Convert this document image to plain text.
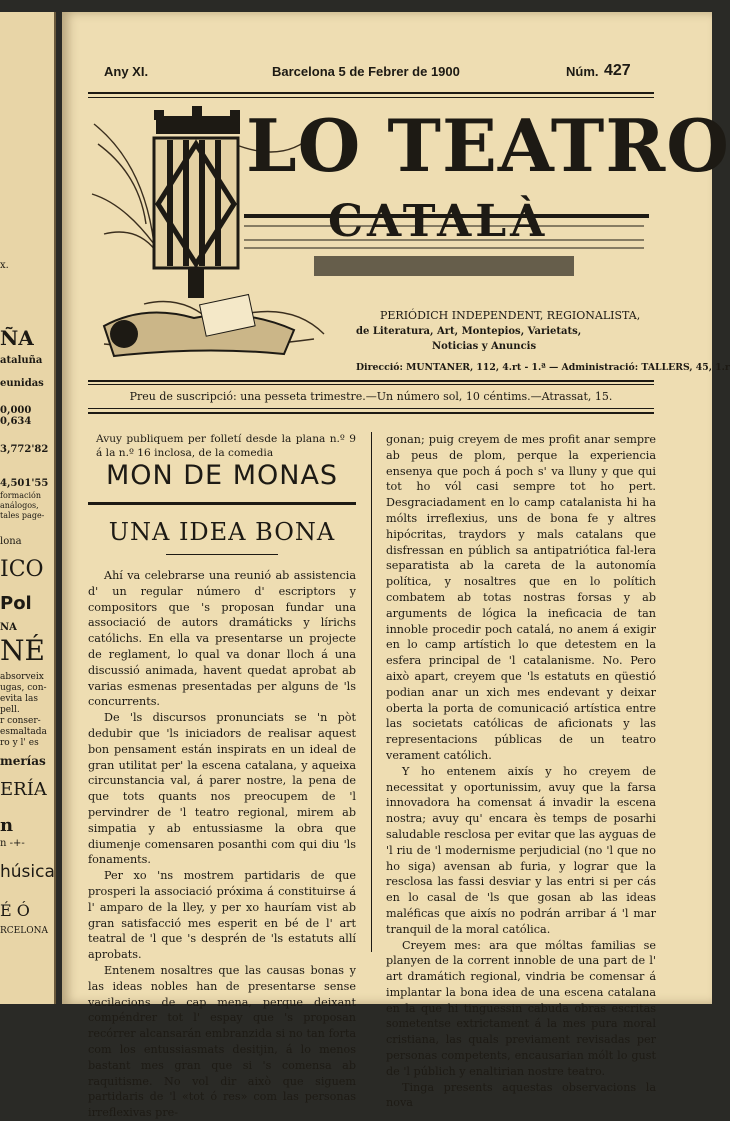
x.
ÑA
ataluña
eunidas
0,000
0,634
3,772'82
4,501'55
formación
análogos,
tales page-
lona
ICO
Pol
NA
NÉ
absorveix
ugas, con-
evita las
pell.
r conser-
esmaltada
ro y l' es
merías
ERÍA
n
n -+-
húsica
É Ó
RCELONA
Any XI.	Barcelona 5 de Febrer de 1900	Núm. 427
LO TEATRO
CATALÀ
PERIÓDICH INDEPENDENT, REGIONALISTA,
de Literatura, Art, Montepios, Varietats,
Noticias y Anuncis
Direcció: MUNTANER, 112, 4.rt - 1.ª — Administració: TALLERS, 45, 1.r
Preu de suscripció: una pesseta trimestre.—Un número sol, 10 céntims.—Atrassat, 15.
Avuy publiquem per folletí desde la plana n.º 9 á la n.º 16 inclosa, de la comedia
MON DE MONAS
UNA IDEA BONA

Ahí va celebrarse una reunió ab assistencia d' un regular número d' escriptors y compositors que 's proposan fundar una associació de autors dramáticks y lírichs católichs. En ella va presentarse un projecte de reglament, lo qual va donar lloch á una discussió animada, havent quedat aprobat ab varias esmenas presentadas per alguns de 'ls concurrents.

De 'ls discursos pronunciats se 'n pòt dedubir que 'ls iniciadors de realisar aquest bon pensament están inspirats en un ideal de gran utilitat per' la escena catalana, y aqueixa circunstancia val, á parer nostre, la pena de que tots quants nos preocupem de 'l pervindrer de 'l teatro regional, mirem ab simpatia y ab entussiasme la obra que diumenje comensaren posanthi com qui diu 'ls fonaments.

Per xo 'ns mostrem partidaris de que prosperi la associació próxima á constituirse á l' amparo de la lley, y per xo hauríam vist ab gran satisfacció mes esperit en bé de l' art teatral de 'l que 's desprén de 'ls estatuts allí aprobats.

Entenem nosaltres que las causas bonas y las ideas nobles han de presentarse sense vacilacions de cap mena, perque deixant compéndrer tot l' espay que 's proposan recórrer alcansarán embranzida si no tan forta com los entussiasmats desitjin, á lo menos bastant mes gran que si 's comensa ab raquitisme. No vol dir això que siguem partidaris de 'l «tot ó res» com las personas irreflexivas pre-

gonan; puig creyem de mes profit anar sempre ab peus de plom, perque la experiencia ensenya que poch á poch s' va lluny y que qui tot ho vól casi sempre tot ho pert. Desgraciadament en lo camp catalanista hi ha mólts irreflexius, uns de bona fe y altres hipócritas, traydors y mals catalans que disfressan en públich sa antipatriótica fal-lera separatista ab la careta de la autonomía política, y nosaltres que en lo polítich combatem ab totas nostras forsas y ab arguments de lógica la ineficacia de tan innoble procedir poch catalá, no anem á exigir en lo camp artístich lo que detestem en la esfera principal de 'l catalanisme. No. Pero això apart, creyem que 'ls estatuts en qüestió podian anar un xich mes endevant y deixar oberta la porta de comunicació artística entre las societats católicas de aficionats y las representacions públicas de un teatro verament católich.

Y ho entenem aixís y ho creyem de necessitat y oportunissim, avuy que la farsa innovadora ha comensat á invadir la escena nostra; avuy qu' encara ès temps de posarhi saludable resclosa per evitar que las ayguas de 'l riu de 'l modernisme perjudicial (no 'l que no ho siga) avensan ab furia, y lograr que la resclosa las fassi desviar y las entri si per cás en lo casal de 'ls que gosan ab las ideas maléficas que aixís no podrán arribar á 'l mar tranquil de la moral católica.

Creyem mes: ara que móltas familias se planyen de la corrent innoble de una part de l' art dramátich regional, vindria be comensar á implantar la bona idea de una escena catalana en la que hi tinguessin cabuda obras escritas sometentse extrictament á la mes pura moral cristiana, las quals previament revisadas per personas competents, encausarian mólt lo gust de 'l públich y enaltirian nostre teatro.

Tinga presents aquestas observacions la nova
